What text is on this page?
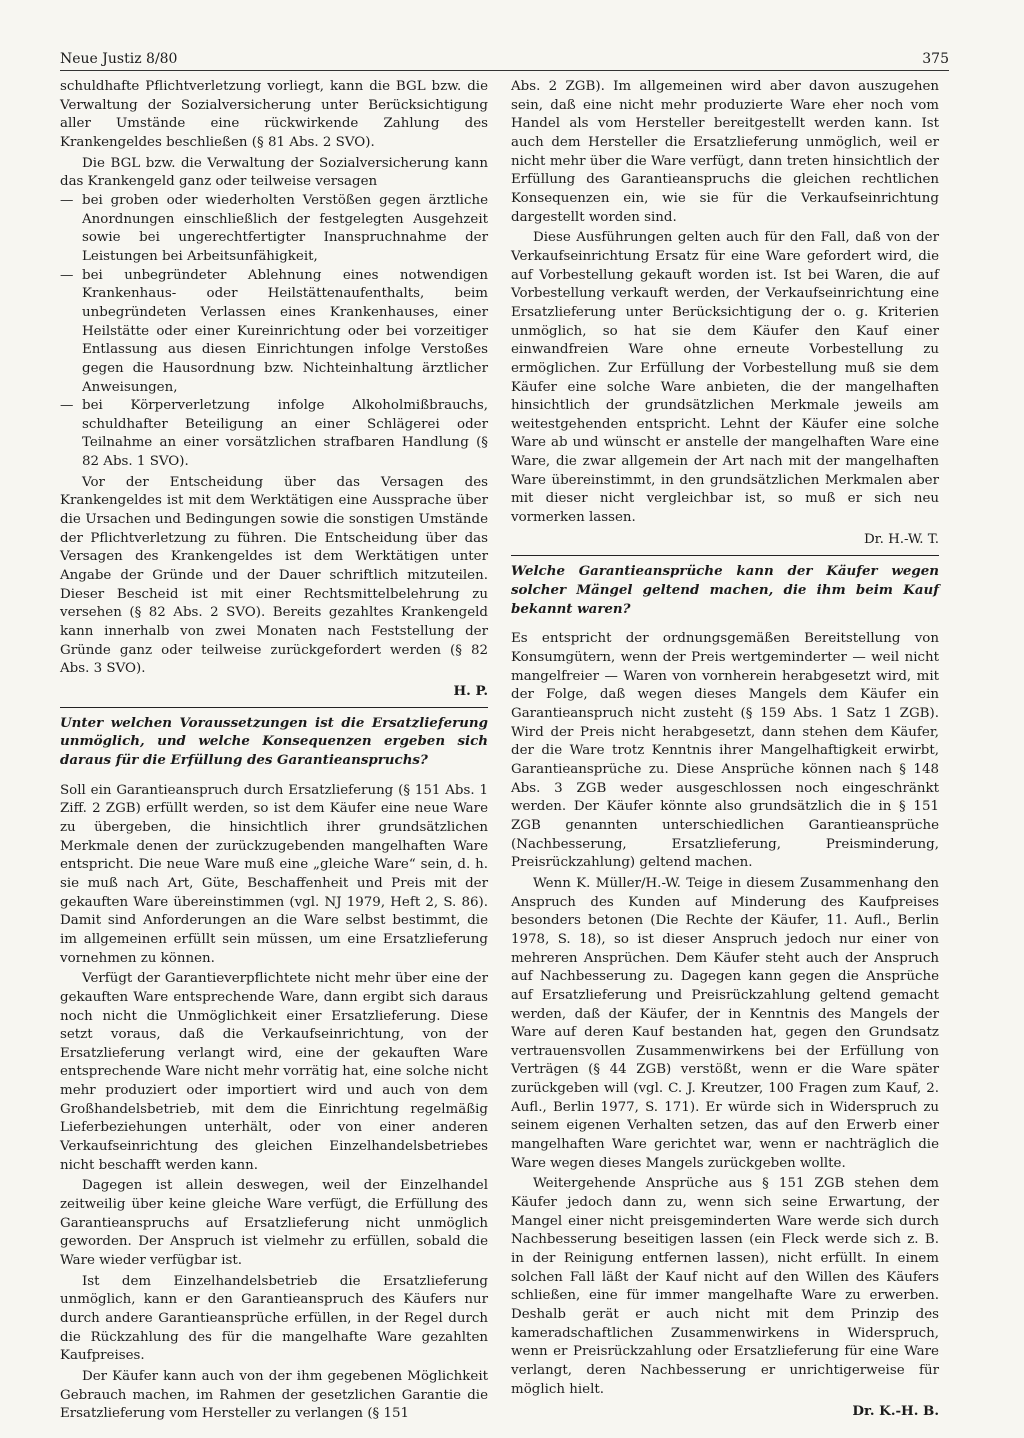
Neue Justiz 8/80	375

schuldhafte Pflichtverletzung vorliegt, kann die BGL bzw. die Verwaltung der Sozialversicherung unter Berücksichtigung aller Umstände eine rückwirkende Zahlung des Krankengeldes beschließen (§ 81 Abs. 2 SVO).

Die BGL bzw. die Verwaltung der Sozialversicherung kann das Krankengeld ganz oder teilweise versagen

— bei groben oder wiederholten Verstößen gegen ärztliche Anordnungen einschließlich der festgelegten Ausgehzeit sowie bei ungerechtfertigter Inanspruchnahme der Leistungen bei Arbeitsunfähigkeit,
— bei unbegründeter Ablehnung eines notwendigen Krankenhaus- oder Heilstättenaufenthalts, beim unbegründeten Verlassen eines Krankenhauses, einer Heilstätte oder einer Kureinrichtung oder bei vorzeitiger Entlassung aus diesen Einrichtungen infolge Verstoßes gegen die Hausordnung bzw. Nichteinhaltung ärztlicher Anweisungen,
— bei Körperverletzung infolge Alkoholmißbrauchs, schuldhafter Beteiligung an einer Schlägerei oder Teilnahme an einer vorsätzlichen strafbaren Handlung (§ 82 Abs. 1 SVO).

Vor der Entscheidung über das Versagen des Krankengeldes ist mit dem Werktätigen eine Aussprache über die Ursachen und Bedingungen sowie die sonstigen Umstände der Pflichtverletzung zu führen. Die Entscheidung über das Versagen des Krankengeldes ist dem Werktätigen unter Angabe der Gründe und der Dauer schriftlich mitzuteilen. Dieser Bescheid ist mit einer Rechtsmittelbelehrung zu versehen (§ 82 Abs. 2 SVO). Bereits gezahltes Krankengeld kann innerhalb von zwei Monaten nach Feststellung der Gründe ganz oder teilweise zurückgefordert werden (§ 82 Abs. 3 SVO).

H. P.
Unter welchen Voraussetzungen ist die Ersatzlieferung unmöglich, und welche Konsequenzen ergeben sich daraus für die Erfüllung des Garantieanspruchs?

Soll ein Garantieanspruch durch Ersatzlieferung (§ 151 Abs. 1 Ziff. 2 ZGB) erfüllt werden, so ist dem Käufer eine neue Ware zu übergeben, die hinsichtlich ihrer grundsätzlichen Merkmale denen der zurückzugebenden mangelhaften Ware entspricht. Die neue Ware muß eine „gleiche Ware“ sein, d. h. sie muß nach Art, Güte, Beschaffenheit und Preis mit der gekauften Ware übereinstimmen (vgl. NJ 1979, Heft 2, S. 86). Damit sind Anforderungen an die Ware selbst bestimmt, die im allgemeinen erfüllt sein müssen, um eine Ersatzlieferung vornehmen zu können.

Verfügt der Garantieverpflichtete nicht mehr über eine der gekauften Ware entsprechende Ware, dann ergibt sich daraus noch nicht die Unmöglichkeit einer Ersatzlieferung. Diese setzt voraus, daß die Verkaufseinrichtung, von der Ersatzlieferung verlangt wird, eine der gekauften Ware entsprechende Ware nicht mehr vorrätig hat, eine solche nicht mehr produziert oder importiert wird und auch von dem Großhandelsbetrieb, mit dem die Einrichtung regelmäßig Lieferbeziehungen unterhält, oder von einer anderen Verkaufseinrichtung des gleichen Einzelhandelsbetriebes nicht beschafft werden kann.

Dagegen ist allein deswegen, weil der Einzelhandel zeitweilig über keine gleiche Ware verfügt, die Erfüllung des Garantieanspruchs auf Ersatzlieferung nicht unmöglich geworden. Der Anspruch ist vielmehr zu erfüllen, sobald die Ware wieder verfügbar ist.

Ist dem Einzelhandelsbetrieb die Ersatzlieferung unmöglich, kann er den Garantieanspruch des Käufers nur durch andere Garantieansprüche erfüllen, in der Regel durch die Rückzahlung des für die mangelhafte Ware gezahlten Kaufpreises.

Der Käufer kann auch von der ihm gegebenen Möglichkeit Gebrauch machen, im Rahmen der gesetzlichen Garantie die Ersatzlieferung vom Hersteller zu verlangen (§ 151

Abs. 2 ZGB). Im allgemeinen wird aber davon auszugehen sein, daß eine nicht mehr produzierte Ware eher noch vom Handel als vom Hersteller bereitgestellt werden kann. Ist auch dem Hersteller die Ersatzlieferung unmöglich, weil er nicht mehr über die Ware verfügt, dann treten hinsichtlich der Erfüllung des Garantieanspruchs die gleichen rechtlichen Konsequenzen ein, wie sie für die Verkaufseinrichtung dargestellt worden sind.

Diese Ausführungen gelten auch für den Fall, daß von der Verkaufseinrichtung Ersatz für eine Ware gefordert wird, die auf Vorbestellung gekauft worden ist. Ist bei Waren, die auf Vorbestellung verkauft werden, der Verkaufseinrichtung eine Ersatzlieferung unter Berücksichtigung der o. g. Kriterien unmöglich, so hat sie dem Käufer den Kauf einer einwandfreien Ware ohne erneute Vorbestellung zu ermöglichen. Zur Erfüllung der Vorbestellung muß sie dem Käufer eine solche Ware anbieten, die der mangelhaften hinsichtlich der grundsätzlichen Merkmale jeweils am weitestgehenden entspricht. Lehnt der Käufer eine solche Ware ab und wünscht er anstelle der mangelhaften Ware eine Ware, die zwar allgemein der Art nach mit der mangelhaften Ware übereinstimmt, in den grundsätzlichen Merkmalen aber mit dieser nicht vergleichbar ist, so muß er sich neu vormerken lassen.

Dr. H.-W. T.
Welche Garantieansprüche kann der Käufer wegen solcher Mängel geltend machen, die ihm beim Kauf bekannt waren?

Es entspricht der ordnungsgemäßen Bereitstellung von Konsumgütern, wenn der Preis wertgeminderter — weil nicht mangelfreier — Waren von vornherein herabgesetzt wird, mit der Folge, daß wegen dieses Mangels dem Käufer ein Garantieanspruch nicht zusteht (§ 159 Abs. 1 Satz 1 ZGB). Wird der Preis nicht herabgesetzt, dann stehen dem Käufer, der die Ware trotz Kenntnis ihrer Mangelhaftigkeit erwirbt, Garantieansprüche zu. Diese Ansprüche können nach § 148 Abs. 3 ZGB weder ausgeschlossen noch eingeschränkt werden. Der Käufer könnte also grundsätzlich die in § 151 ZGB genannten unterschiedlichen Garantieansprüche (Nachbesserung, Ersatzlieferung, Preisminderung, Preisrückzahlung) geltend machen.

Wenn K. Müller/H.-W. Teige in diesem Zusammenhang den Anspruch des Kunden auf Minderung des Kaufpreises besonders betonen (Die Rechte der Käufer, 11. Aufl., Berlin 1978, S. 18), so ist dieser Anspruch jedoch nur einer von mehreren Ansprüchen. Dem Käufer steht auch der Anspruch auf Nachbesserung zu. Dagegen kann gegen die Ansprüche auf Ersatzlieferung und Preisrückzahlung geltend gemacht werden, daß der Käufer, der in Kenntnis des Mangels der Ware auf deren Kauf bestanden hat, gegen den Grundsatz vertrauensvollen Zusammenwirkens bei der Erfüllung von Verträgen (§ 44 ZGB) verstößt, wenn er die Ware später zurückgeben will (vgl. C. J. Kreutzer, 100 Fragen zum Kauf, 2. Aufl., Berlin 1977, S. 171). Er würde sich in Widerspruch zu seinem eigenen Verhalten setzen, das auf den Erwerb einer mangelhaften Ware gerichtet war, wenn er nachträglich die Ware wegen dieses Mangels zurückgeben wollte.

Weitergehende Ansprüche aus § 151 ZGB stehen dem Käufer jedoch dann zu, wenn sich seine Erwartung, der Mangel einer nicht preisgeminderten Ware werde sich durch Nachbesserung beseitigen lassen (ein Fleck werde sich z. B. in der Reinigung entfernen lassen), nicht erfüllt. In einem solchen Fall läßt der Kauf nicht auf den Willen des Käufers schließen, eine für immer mangelhafte Ware zu erwerben. Deshalb gerät er auch nicht mit dem Prinzip des kameradschaftlichen Zusammenwirkens in Widerspruch, wenn er Preisrückzahlung oder Ersatzlieferung für eine Ware verlangt, deren Nachbesserung er unrichtigerweise für möglich hielt.

Dr. K.-H. B.
